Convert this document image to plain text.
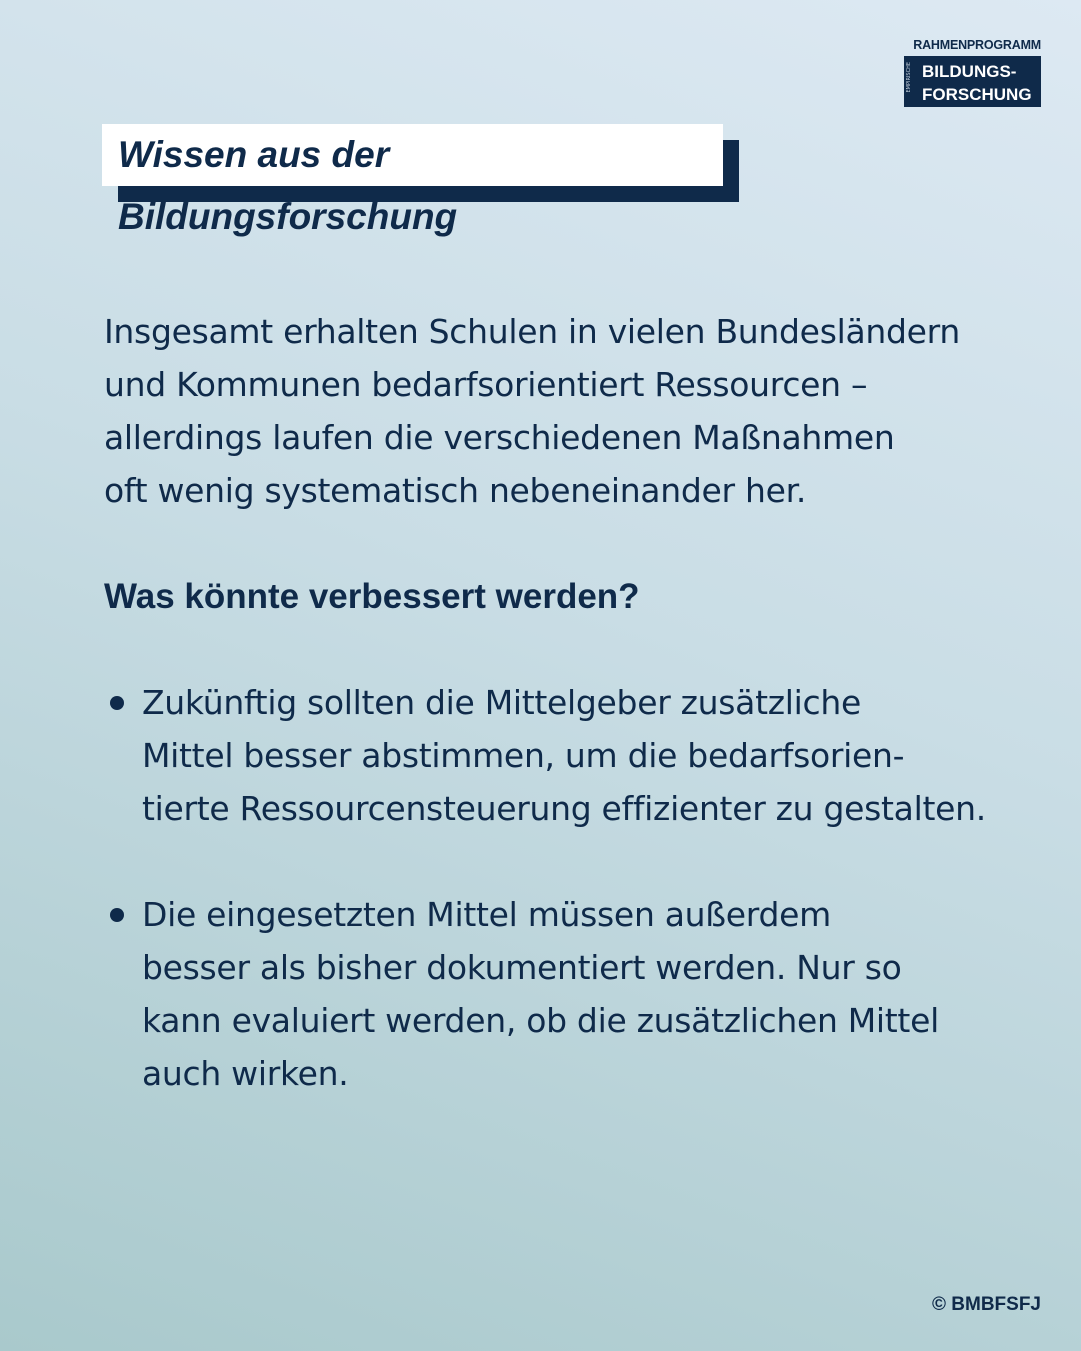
RAHMENPROGRAMM
EMPIRISCHE BILDUNGS-
FORSCHUNG
Wissen aus der Bildungsforschung
Insgesamt erhalten Schulen in vielen Bundesländern
und Kommunen bedarfsorientiert Ressourcen –
allerdings laufen die verschiedenen Maßnahmen
oft wenig systematisch nebeneinander her.
Was könnte verbessert werden?
Zukünftig sollten die Mittelgeber zusätzliche
Mittel besser abstimmen, um die bedarfsorien-
tierte Ressourcensteuerung effizienter zu gestalten.
Die eingesetzten Mittel müssen außerdem
besser als bisher dokumentiert werden. Nur so
kann evaluiert werden, ob die zusätzlichen Mittel
auch wirken.
© BMBFSFJ
